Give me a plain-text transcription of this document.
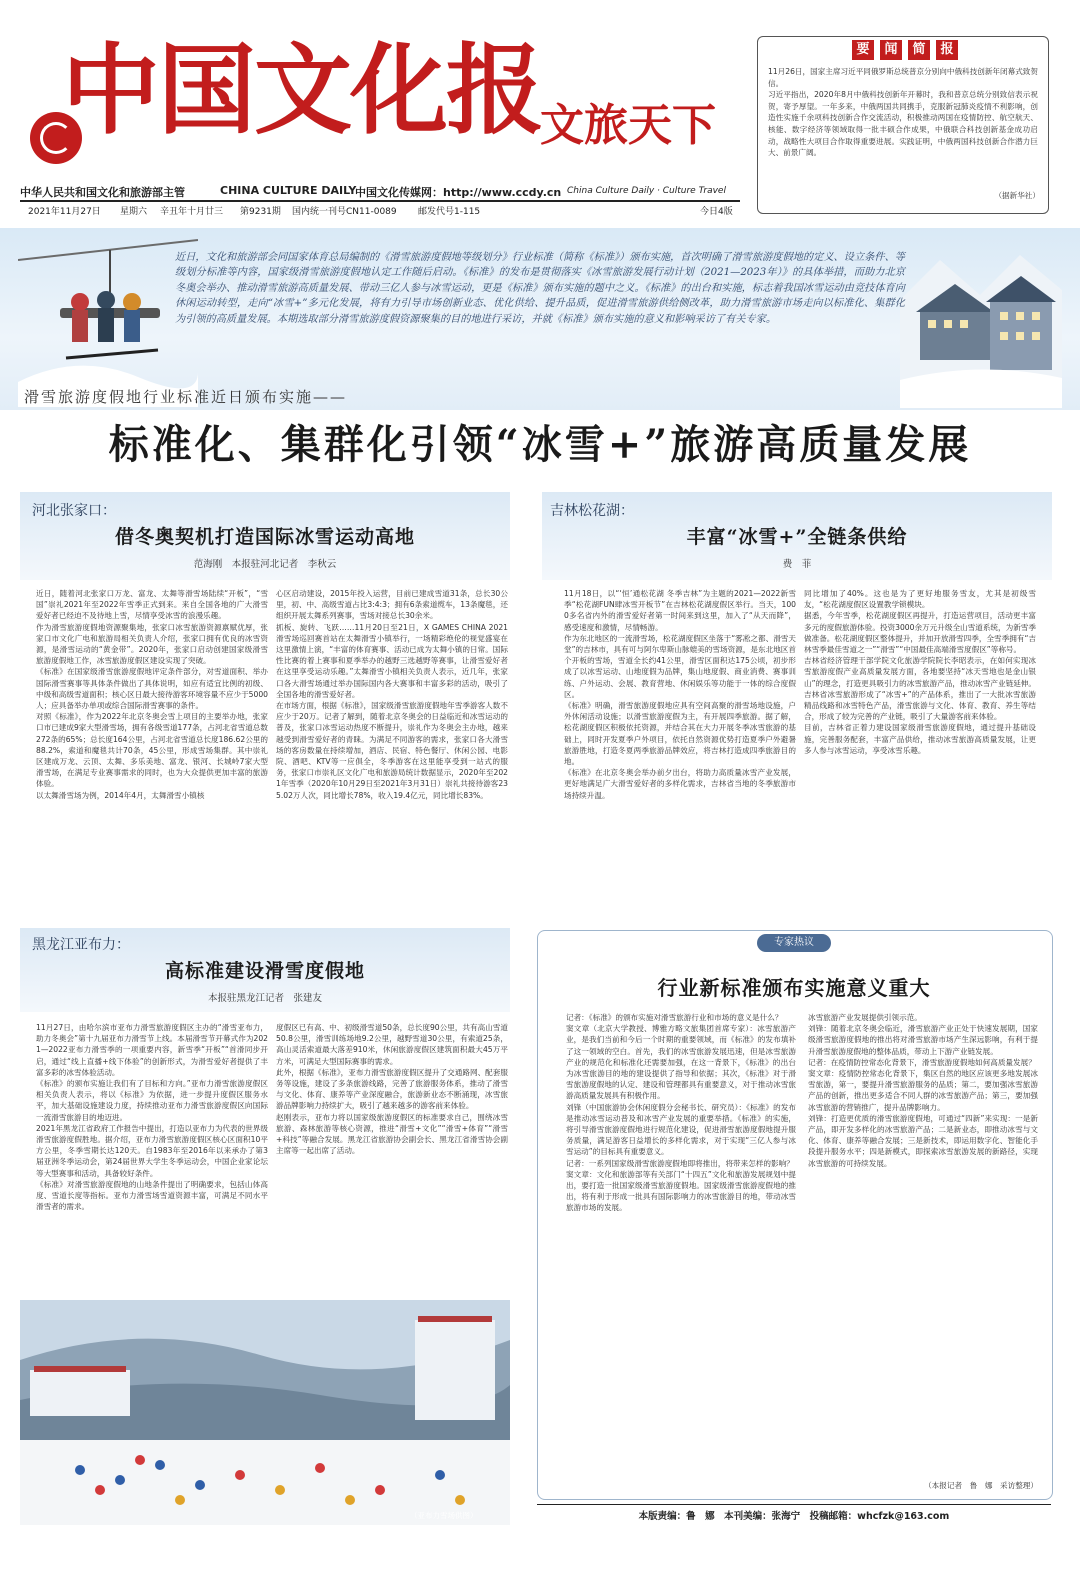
中国文化报
文旅天下
中华人民共和国文化和旅游部主管	CHINA CULTURE DAILY
中国文化传媒网：http://www.ccdy.cn China Culture Daily · Culture Travel
2021年11月27日 星期六 辛丑年十月廿三 第9231期 国内统一刊号CN11-0089 邮发代号1-115	今日4版
要 闻 简 报
11月26日，国家主席习近平同俄罗斯总统普京分别向中俄科技创新年闭幕式致贺信。
习近平指出，2020年8月中俄科技创新年开幕时，我和普京总统分别致信表示祝贺，寄予厚望。一年多来，中俄两国共同携手，克服新冠肺炎疫情不利影响，创造性实施千余项科技创新合作交流活动，积极推动两国在疫情防控、航空航天、核能、数字经济等领域取得一批丰硕合作成果，中俄联合科技创新基金成功启动，战略性大项目合作取得重要进展。实践证明，中俄两国科技创新合作潜力巨大、前景广阔。
（据新华社）
近日，文化和旅游部会同国家体育总局编制的《滑雪旅游度假地等级划分》行业标准（简称《标准》）颁布实施，首次明确了滑雪旅游度假地的定义、设立条件、等级划分标准等内容，国家级滑雪旅游度假地认定工作随后启动。《标准》的发布是贯彻落实《冰雪旅游发展行动计划（2021—2023年）》的具体举措，而助力北京冬奥会举办、推动滑雪旅游高质量发展、带动三亿人参与冰雪运动，更是《标准》颁布实施的题中之义。《标准》的出台和实施，标志着我国冰雪运动由竞技体育向休闲运动转型，走向“冰雪+”多元化发展，将有力引导市场创新业态、优化供给、提升品质，促进滑雪旅游供给侧改革，助力滑雪旅游市场走向以标准化、集群化为引领的高质量发展。本期选取部分滑雪旅游度假资源聚集的目的地进行采访，并就《标准》颁布实施的意义和影响采访了有关专家。
滑雪旅游度假地行业标准近日颁布实施——
标准化、集群化引领“冰雪+”旅游高质量发展
河北张家口：
借冬奥契机打造国际冰雪运动高地
范海刚　本报驻河北记者　李秋云
近日，随着河北张家口万龙、富龙、太舞等滑雪场陆续“开板”，“雪国”崇礼2021年至2022年雪季正式到来。来自全国各地的广大滑雪爱好者已经迫不及待地上雪，尽情享受冰雪的浪漫乐趣。
作为滑雪旅游度假地资源聚集地，张家口冰雪旅游资源禀赋优厚，张家口市文化广电和旅游局相关负责人介绍，张家口拥有优良的冰雪资源，是滑雪运动的“黄金带”。2020年，张家口启动创建国家级滑雪旅游度假地工作，冰雪旅游度假区建设实现了突破。
《标准》在国家级滑雪旅游度假地评定条件部分，对雪道面积、举办国际滑雪赛事等具体条件做出了具体说明，如应有适宜比例的初级、中级和高级雪道面积；核心区日最大接待游客环境容量不应少于5000人；应具备举办单项或综合国际滑雪赛事的条件。
对照《标准》，作为2022年北京冬奥会雪上项目的主要举办地，张家口市已建成9家大型滑雪场，拥有各级雪道177条，占河北省雪道总数272条的65%；总长度164公里，占河北省雪道总长度186.62公里的88.2%，索道和魔毯共计70条，45公里，形成雪场集群。其中崇礼区建成万龙、云顶、太舞、多乐美地、富龙、银河、长城岭7家大型滑雪场，在满足专业赛事需求的同时，也为大众提供更加丰富的旅游体验。
以太舞滑雪场为例，2014年4月，太舞滑雪小镇核
心区启动建设，2015年投入运营，目前已建成雪道31条，总长30公里，初、中、高级雪道占比3:4:3；拥有6条索道缆车，13条魔毯，还组织开展太舞系列赛事，雪场对接总长30余米。
抓板、旋转、飞跃……11月20日至21日，X GAMES CHINA 2021滑雪场巡回赛首站在太舞滑雪小镇举行，一场精彩绝伦的视觉盛宴在这里激情上演，“丰富的体育赛事、活动已成为太舞小镇的日常。国际性比赛的着上赛事和夏季举办的越野三选越野等赛事，让滑雪爱好者在这里享受运动乐趣。”太舞滑雪小镇相关负责人表示，近几年，张家口各大滑雪场通过举办国际国内各大赛事和丰富多彩的活动，吸引了全国各地的滑雪爱好者。
在市场方面，根据《标准》，国家级滑雪旅游度假地年雪季游客人数不应少于20万。记者了解到，随着北京冬奥会的日益临近和冰雪运动的普及，张家口冰雪运动热度不断提升，崇礼作为冬奥会主办地，越来越受到滑雪爱好者的青睐。为满足不同游客的需求，张家口各大滑雪场的客房数量在持续增加，酒店、民宿、特色餐厅、休闲公园、电影院、酒吧、KTV等一应俱全，冬季游客在这里能享受到一站式的服务，张家口市崇礼区文化广电和旅游局统计数据显示，2020年至2021年雪季（2020年10月29日至2021年3月31日）崇礼共接待游客235.02万人次，同比增长78%，收入19.4亿元，同比增长83%。
吉林松花湖：
丰富“冰雪+”全链条供给
费　菲
11月18日，以“‘恒’通松花湖 冬季吉林”为主题的2021—2022新雪季“松花湖FUN肆冰雪开板节”在吉林松花湖度假区举行。当天，1000多名省内外的滑雪爱好者第一时间来到这里，加入了“从天而降”，感受速度和激情，尽情畅游。
作为东北地区的一流滑雪场，松花湖度假区坐落于“雾凇之都、滑雪天堂”的吉林市，具有可与阿尔卑斯山脉媲美的雪场资源，是东北地区首个开板的雪场，雪道全长约41公里，滑雪区面积达175公顷，初步形成了以冰雪运动、山地度假为品牌，集山地度假、商业消费、赛事训练、户外运动、会展、教育营地、休闲娱乐等功能于一体的综合度假区。
《标准》明确，滑雪旅游度假地应具有空间高聚的滑雪场地设施，户外休闲活动设施；以滑雪旅游度假为主，有开展四季旅游。据了解，松花湖度假区积极依托资源，并结合其在大力开展冬季冰雪旅游的基础上，同时开发夏季户外项目，依托自然资源优势打造夏季户外避暑旅游胜地，打造冬夏两季旅游品牌效应，将吉林打造成四季旅游目的地。
《标准》在北京冬奥会举办前夕出台，将助力高质量冰雪产业发展，更好地满足广大滑雪爱好者的多样化需求，吉林省当地的冬季旅游市场持续升温。
同比增加了40%。这也是为了更好地服务雪友，尤其是初级雪友，“松花湖度假区设置教学锁模块。
据悉，今年雪季，松花湖度假区再提升，打造运营项目，活动更丰富多元的度假旅游体验。投资3000余万元升级全山雪道系统，为新雪季做准备。松花湖度假区整体提升，并加开放滑雪四季，全雪季拥有“吉林雪季最佳雪道之一”“滑雪”“中国最佳高端滑雪度假区”等称号。
吉林省经济管理干部学院文化旅游学院院长李昭表示，在如何实现冰雪旅游度假产业高质量发展方面，各地要坚持“冰天雪地也是金山银山”的理念，打造更具吸引力的冰雪旅游产品，推动冰雪产业链延伸。吉林省冰雪旅游形成了“冰雪+”的产品体系，推出了一大批冰雪旅游精品线路和冰雪特色产品，滑雪旅游与文化、体育、教育、养生等结合，形成了较为完善的产业链，吸引了大量游客前来体验。
目前，吉林省正着力建设国家级滑雪旅游度假地，通过提升基础设施，完善服务配套，丰富产品供给，推动冰雪旅游高质量发展，让更多人参与冰雪运动，享受冰雪乐趣。
黑龙江亚布力：
高标准建设滑雪度假地
本报驻黑龙江记者　张建友
11月27日，由哈尔滨市亚布力滑雪旅游度假区主办的“滑雪亚布力，助力冬奥会”第十九届亚布力滑雪节上线。本届滑雪节开幕式作为2021—2022亚布力滑雪季的一项重要内容，新雪季“开板”“首滑同步开启，通过“线上直播+线下体验”的创新形式，为滑雪爱好者提供了丰富多彩的冰雪体验活动。
《标准》的颁布实施让我们有了目标和方向。”亚布力滑雪旅游度假区相关负责人表示，将以《标准》为依据，进一步提升度假区服务水平，加大基础设施建设力度，持续推动亚布力滑雪旅游度假区向国际一流滑雪旅游目的地迈进。
2021年黑龙江省政府工作报告中提出，打造以亚布力为代表的世界级滑雪旅游度假胜地。据介绍，亚布力滑雪旅游度假区核心区面积10平方公里，冬季雪期长达120天。自1983年至2016年以来承办了第3届亚洲冬季运动会，第24届世界大学生冬季运动会，中国企业家论坛等大型赛事和活动，具备较好条件。
《标准》对滑雪旅游度假地的山地条件提出了明确要求，包括山体高度、雪道长度等指标。亚布力滑雪场雪道资源丰富，可满足不同水平滑雪者的需求。
度假区已有高、中、初级滑雪道50条，总长度90公里，共有高山雪道50.8公里，滑雪训练场地9.2公里，越野雪道30公里，有索道25条，高山灵活索道最大落差910米，休闲旅游度假区建筑面积最大45万平方米，可满足大型国际赛事的需求。
此外，根据《标准》，亚布力滑雪旅游度假区提升了交通路网、配套服务等设施，建设了多条旅游线路，完善了旅游服务体系，推动了滑雪与文化、体育、康养等产业深度融合，旅游新业态不断涌现，冰雪旅游品牌影响力持续扩大，吸引了越来越多的游客前来体验。
赵刚表示，亚布力将以国家级旅游度假区的标准要求自己，围绕冰雪旅游、森林旅游等核心资源，推进“滑雪+文化”“滑雪+体育”“滑雪+科技”等融合发展。黑龙江省旅游协会副会长、黑龙江省滑雪协会副主席等一起出席了活动。
（亚布力雪场供图）
专家热议
行业新标准颁布实施意义重大
记者：《标准》的颁布实施对滑雪旅游行业和市场的意义是什么？
窦文章（北京大学教授、博雅方略文旅集团首席专家）：冰雪旅游产业，是我们当前和今后一个时期的重要领域，而《标准》的发布填补了这一领域的空白。首先，我们的冰雪旅游发展迅速，但是冰雪旅游产业的规范化和标准化还需要加强，在这一背景下，《标准》的出台为冰雪旅游目的地的建设提供了指导和依据；其次，《标准》对于滑雪旅游度假地的认定、建设和管理都具有重要意义，对于推动冰雪旅游高质量发展具有积极作用。
刘锋（中国旅游协会休闲度假分会秘书长、研究员）：《标准》的发布是推动冰雪运动普及和冰雪产业发展的重要举措。《标准》的实施，将引导滑雪旅游度假地进行规范化建设，促进滑雪旅游度假地提升服务质量，满足游客日益增长的多样化需求，对于实现“三亿人参与冰雪运动”的目标具有重要意义。
记者：一系列国家级滑雪旅游度假地即将推出，将带来怎样的影响？
窦文章：文化和旅游部等有关部门“十四五”文化和旅游发展规划中提出，要打造一批国家级滑雪旅游度假地。国家级滑雪旅游度假地的推出，将有利于形成一批具有国际影响力的冰雪旅游目的地，带动冰雪旅游市场的发展。
冰雪旅游产业发展提供引领示范。
刘锋：随着北京冬奥会临近，滑雪旅游产业正处于快速发展期，国家级滑雪旅游度假地的推出将对滑雪旅游市场产生深远影响，有利于提升滑雪旅游度假地的整体品质，带动上下游产业链发展。
记者：在疫情防控常态化背景下，滑雪旅游度假地如何高质量发展？
窦文章：疫情防控常态化背景下，集区自然的地区应该更多地发展冰雪旅游，第一，要提升滑雪旅游服务的品质；第二，要加强冰雪旅游产品的创新，推出更多适合不同人群的冰雪旅游产品；第三，要加强冰雪旅游的营销推广，提升品牌影响力。
刘锋：打造更优质的滑雪旅游度假地，可通过“四新”来实现：一是新产品，即开发多样化的冰雪旅游产品；二是新业态，即推动冰雪与文化、体育、康养等融合发展；三是新技术，即运用数字化、智能化手段提升服务水平；四是新模式，即探索冰雪旅游发展的新路径，实现冰雪旅游的可持续发展。
（本报记者　鲁　娜　采访整理）
本版责编：鲁　娜　本刊美编：张海宁　投稿邮箱：whcfzk@163.com
